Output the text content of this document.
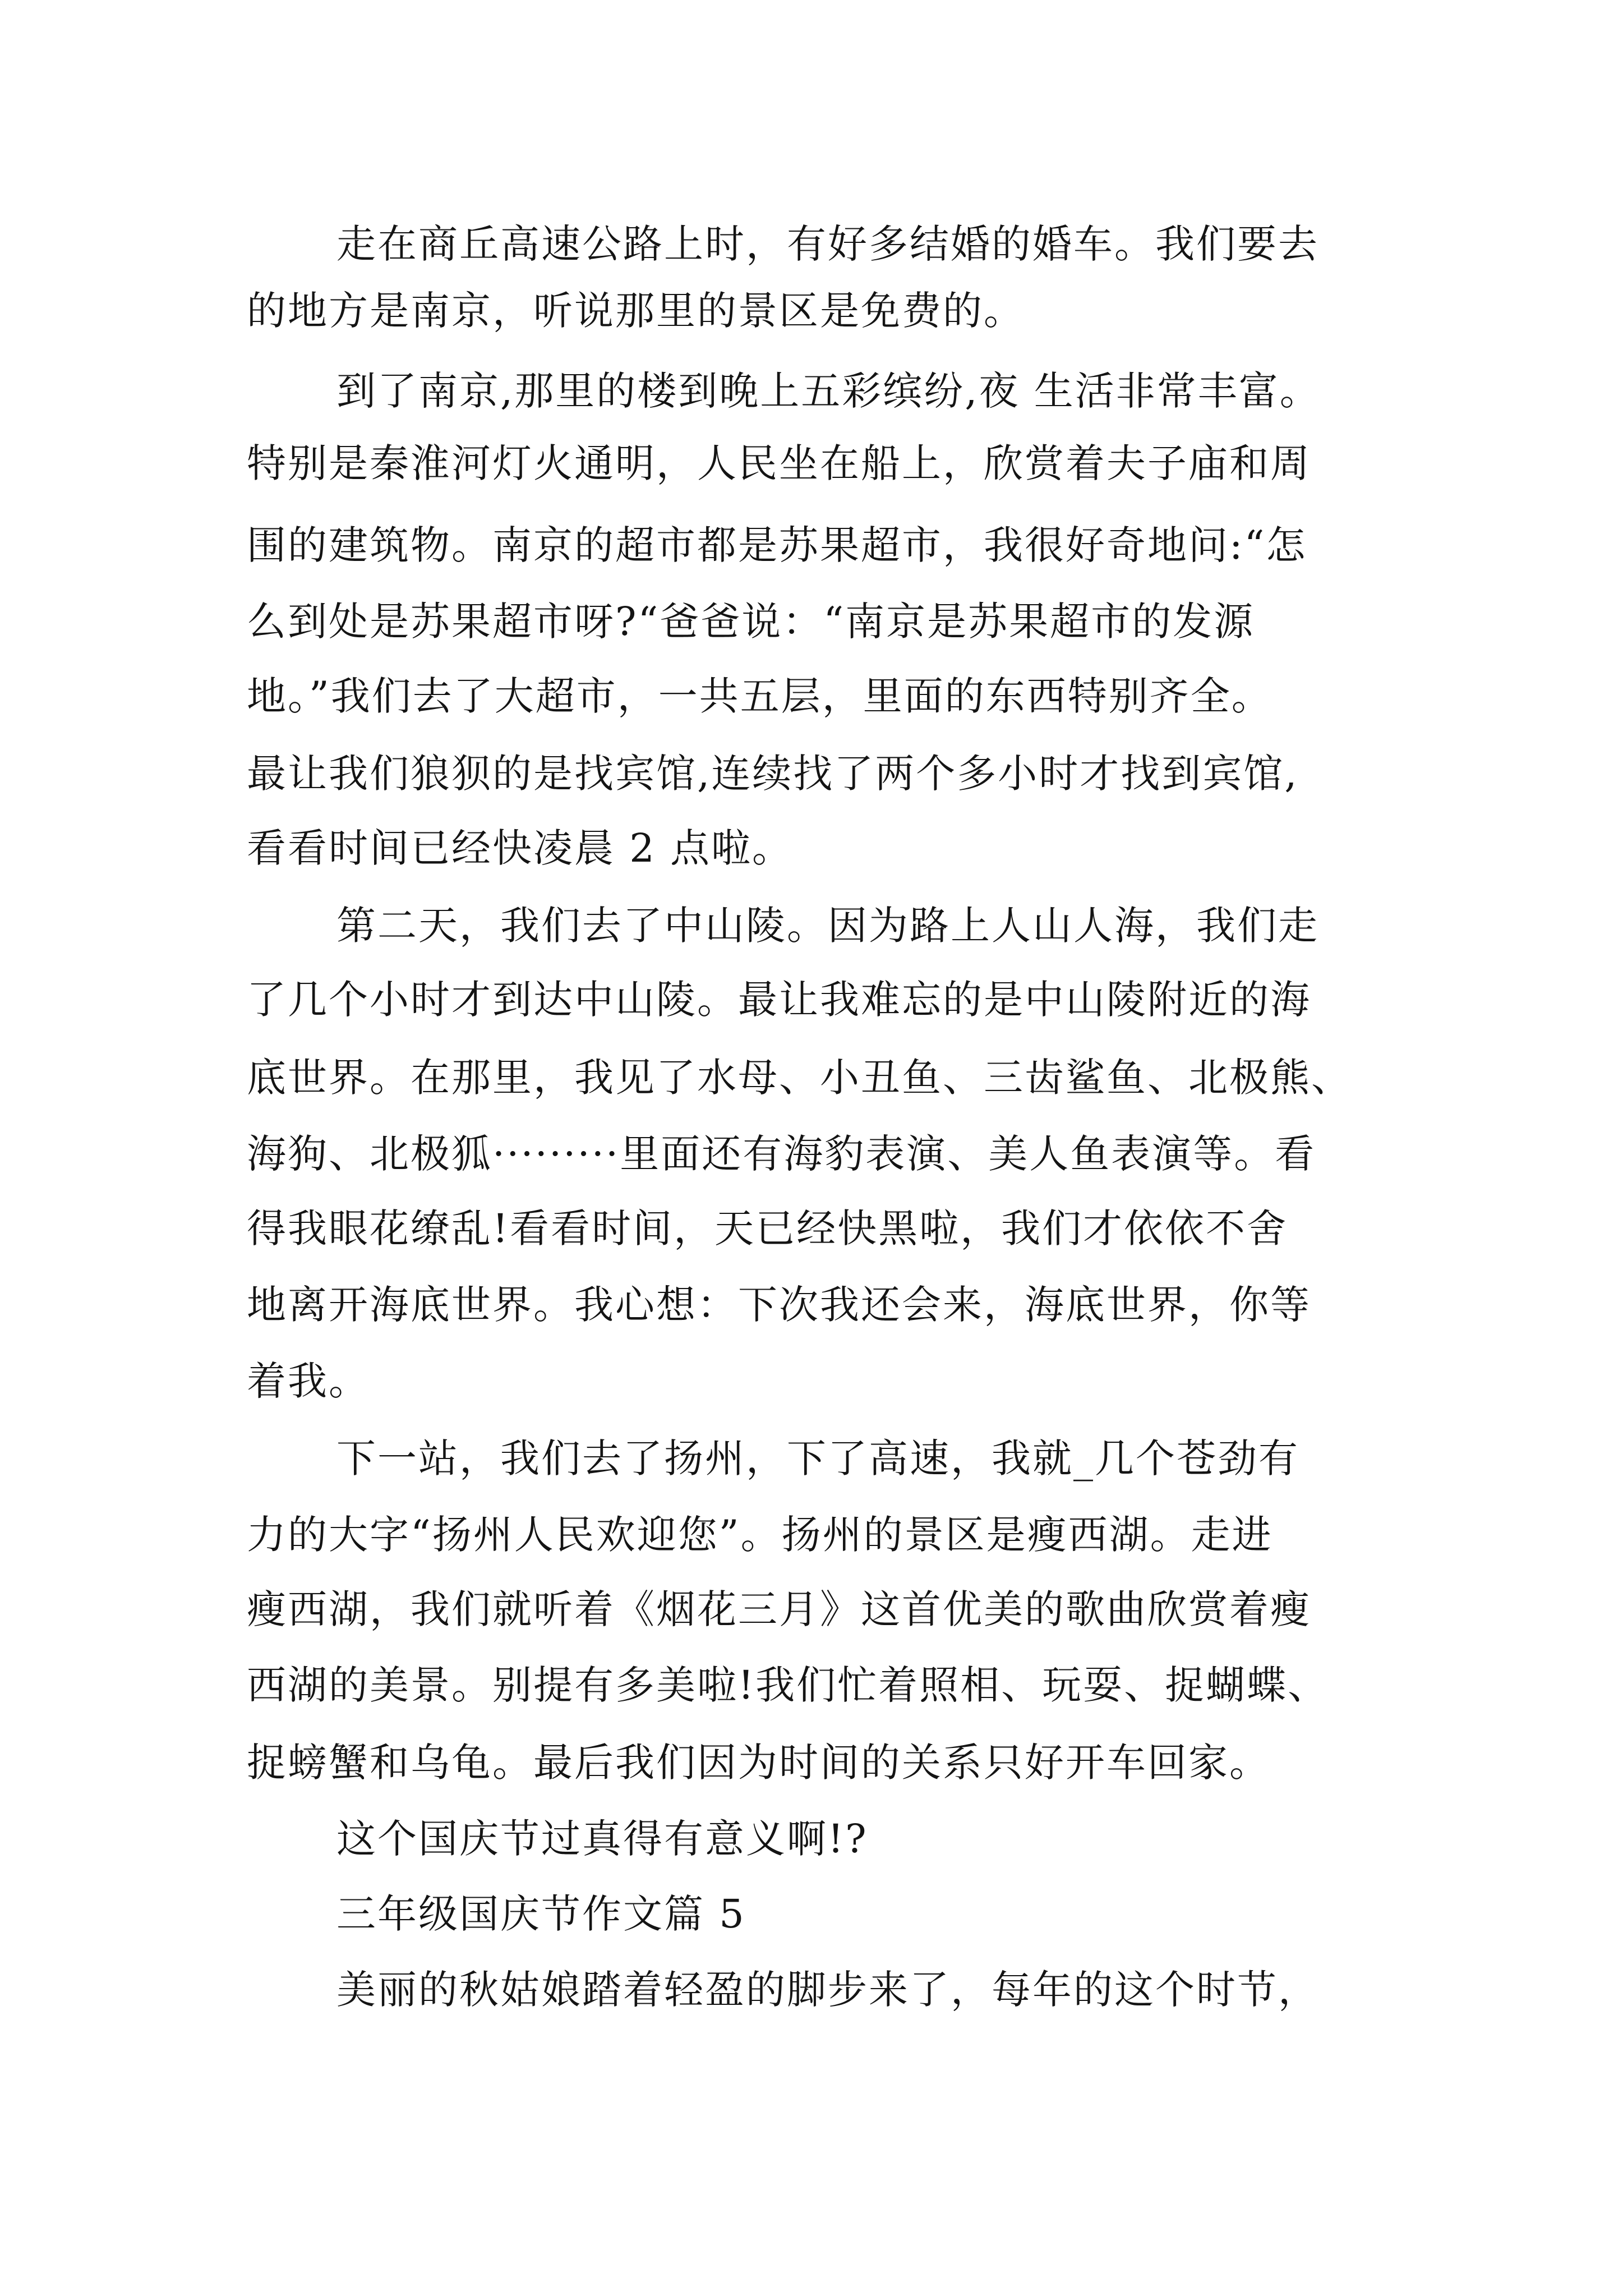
走在商丘高速公路上时，有好多结婚的婚车。我们要去
的地方是南京，听说那里的景区是免费的。
到了南京,那里的楼到晚上五彩缤纷,夜 生活非常丰富。
特别是秦淮河灯火通明，人民坐在船上，欣赏着夫子庙和周
围的建筑物。南京的超市都是苏果超市，我很好奇地问:“怎
么到处是苏果超市呀?“爸爸说：“南京是苏果超市的发源
地。”我们去了大超市，一共五层，里面的东西特别齐全。
最让我们狼狈的是找宾馆,连续找了两个多小时才找到宾馆,
看看时间已经快凌晨 2 点啦。
第二天，我们去了中山陵。因为路上人山人海，我们走
了几个小时才到达中山陵。最让我难忘的是中山陵附近的海
底世界。在那里，我见了水母、小丑鱼、三齿鲨鱼、北极熊、
海狗、北极狐·········里面还有海豹表演、美人鱼表演等。看
得我眼花缭乱!看看时间，天已经快黑啦，我们才依依不舍
地离开海底世界。我心想：下次我还会来，海底世界，你等
着我。
下一站，我们去了扬州，下了高速，我就_几个苍劲有
力的大字“扬州人民欢迎您”。扬州的景区是瘦西湖。走进
瘦西湖，我们就听着《烟花三月》这首优美的歌曲欣赏着瘦
西湖的美景。别提有多美啦!我们忙着照相、玩耍、捉蝴蝶、
捉螃蟹和乌龟。最后我们因为时间的关系只好开车回家。
这个国庆节过真得有意义啊!?
三年级国庆节作文篇 5
美丽的秋姑娘踏着轻盈的脚步来了，每年的这个时节，
